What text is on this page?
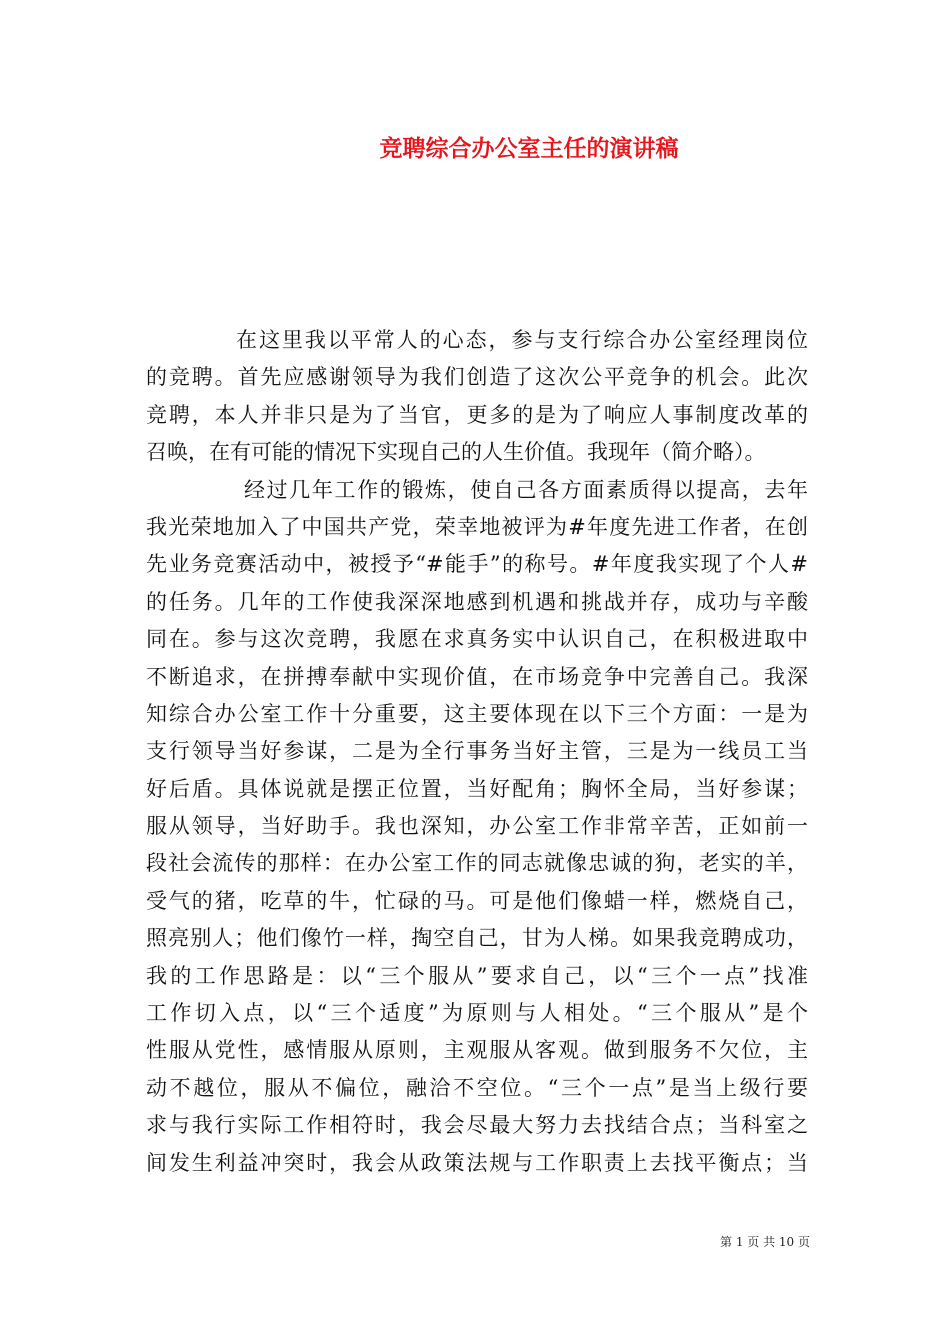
竞聘综合办公室主任的演讲稿
在这里我以平常人的心态，参与支行综合办公室经理岗位
的竞聘。首先应感谢领导为我们创造了这次公平竞争的机会。此次
竞聘，本人并非只是为了当官，更多的是为了响应人事制度改革的
召唤，在有可能的情况下实现自己的人生价值。我现年（简介略）。
经过几年工作的锻炼，使自己各方面素质得以提高，去年
我光荣地加入了中国共产党，荣幸地被评为#年度先进工作者，在创
先业务竞赛活动中，被授予“#能手”的称号。#年度我实现了个人#
的任务。几年的工作使我深深地感到机遇和挑战并存，成功与辛酸
同在。参与这次竞聘，我愿在求真务实中认识自己，在积极进取中
不断追求，在拼搏奉献中实现价值，在市场竞争中完善自己。我深
知综合办公室工作十分重要，这主要体现在以下三个方面：一是为
支行领导当好参谋，二是为全行事务当好主管，三是为一线员工当
好后盾。具体说就是摆正位置，当好配角；胸怀全局，当好参谋；
服从领导，当好助手。我也深知，办公室工作非常辛苦，正如前一
段社会流传的那样：在办公室工作的同志就像忠诚的狗，老实的羊，
受气的猪，吃草的牛，忙碌的马。可是他们像蜡一样，燃烧自己，
照亮别人；他们像竹一样，掏空自己，甘为人梯。如果我竞聘成功，
我的工作思路是：以“三个服从”要求自己，以“三个一点”找准
工作切入点，以“三个适度”为原则与人相处。“三个服从”是个
性服从党性，感情服从原则，主观服从客观。做到服务不欠位，主
动不越位，服从不偏位，融洽不空位。“三个一点”是当上级行要
求与我行实际工作相符时，我会尽最大努力去找结合点；当科室之
间发生利益冲突时，我会从政策法规与工作职责上去找平衡点；当
第 1 页 共 10 页
